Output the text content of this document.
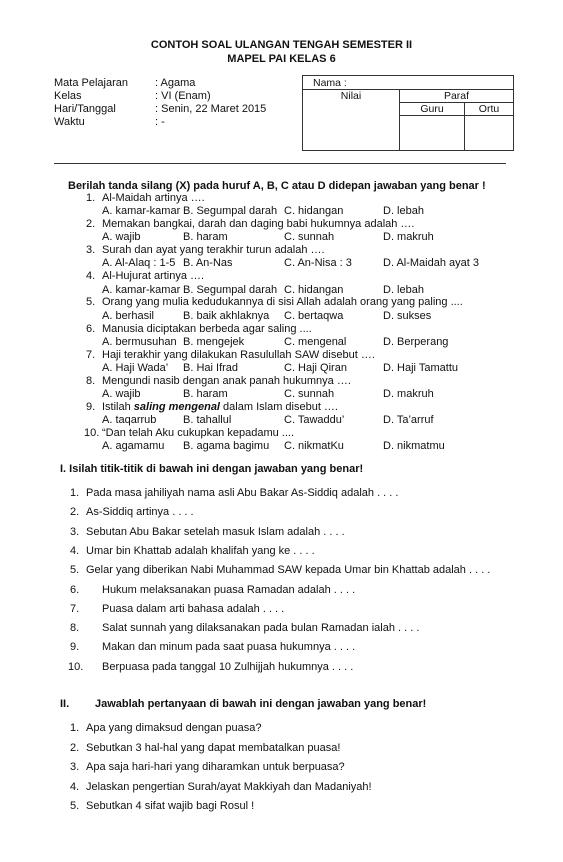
CONTOH SOAL ULANGAN TENGAH SEMESTER II
MAPEL PAI KELAS 6
Mata Pelajaran : Agama
Kelas	: VI (Enam)
Hari/Tanggal	: Senin, 22 Maret 2015
Waktu	: -
Nama :		
Nilai	Paraf	
	Guru	Ortu

Berilah tanda silang (X) pada huruf A, B, C atau D didepan jawaban yang benar !
1. Al-Maidah artinya ….
A. kamar-kamar B. Segumpal darah C. hidangan	D. lebah
2. Memakan bangkai, darah dan daging babi hukumnya adalah ….
A. wajib	B. haram	C. sunnah	D. makruh
3. Surah dan ayat yang terakhir turun adalah ….
A. Al-Alaq : 1-5 B. An-Nas	C. An-Nisa : 3	D. Al-Maidah ayat 3
4. Al-Hujurat artinya ….
A. kamar-kamar B. Segumpal darah C. hidangan	D. lebah
5. Orang yang mulia kedudukannya di sisi Allah adalah orang yang paling ....
A. berhasil	B. baik akhlaknya C. bertaqwa	D. sukses
6. Manusia diciptakan berbeda agar saling ....
A. bermusuhan B. mengejek	C. mengenal	D. Berperang
7. Haji terakhir yang dilakukan Rasulullah SAW disebut ….
A. Haji Wada’ B. Hai Ifrad	C. Haji Qiran	D. Haji Tamattu
8. Mengundi nasib dengan anak panah hukumnya ….
A. wajib	B. haram	C. sunnah	D. makruh
9. Istilah saling mengenal dalam Islam disebut ….
A. taqarrub B. tahallul	C. Tawaddu’	D. Ta’arruf
10. “Dan telah Aku cukupkan kepadamu ....
A. agamamu B. agama bagimu C. nikmatKu	D. nikmatmu
I. Isilah titik-titik di bawah ini dengan jawaban yang benar!
1. Pada masa jahiliyah nama asli Abu Bakar As-Siddiq adalah . . . .
2. As-Siddiq artinya . . . .
3. Sebutan Abu Bakar setelah masuk Islam adalah . . . .
4. Umar bin Khattab adalah khalifah yang ke . . . .
5. Gelar yang diberikan Nabi Muhammad SAW kepada Umar bin Khattab adalah . . . .
6. Hukum melaksanakan puasa Ramadan adalah . . . .
7. Puasa dalam arti bahasa adalah . . . .
8. Salat sunnah yang dilaksanakan pada bulan Ramadan ialah . . . .
9. Makan dan minum pada saat puasa hukumnya . . . .
10. Berpuasa pada tanggal 10 Zulhijjah hukumnya . . . .
II. Jawablah pertanyaan di bawah ini dengan jawaban yang benar!
1. Apa yang dimaksud dengan puasa?
2. Sebutkan 3 hal-hal yang dapat membatalkan puasa!
3. Apa saja hari-hari yang diharamkan untuk berpuasa?
4. Jelaskan pengertian Surah/ayat Makkiyah dan Madaniyah!
5. Sebutkan 4 sifat wajib bagi Rosul !
